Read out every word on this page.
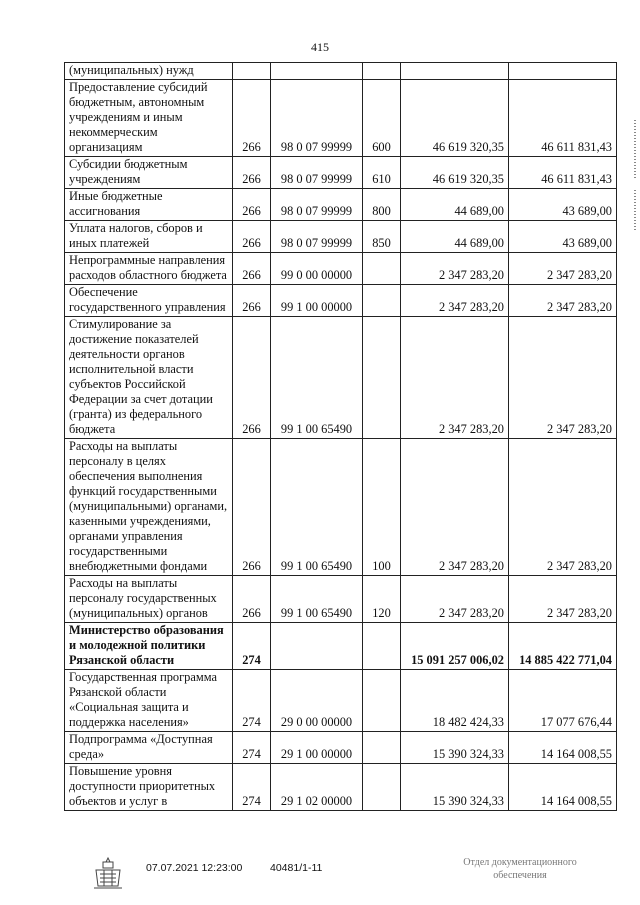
415
(муниципальных) нужд					
Предоставление субсидий бюджетным, автономным учреждениям и иным некоммерческим организациям	266	98 0 07 99999	600	46 619 320,35	46 611 831,43
Субсидии бюджетным учреждениям	266	98 0 07 99999	610	46 619 320,35	46 611 831,43
Иные бюджетные ассигнования	266	98 0 07 99999	800	44 689,00	43 689,00
Уплата налогов, сборов и иных платежей	266	98 0 07 99999	850	44 689,00	43 689,00
Непрограммные направления расходов областного бюджета	266	99 0 00 00000		2 347 283,20	2 347 283,20
Обеспечение государственного управления	266	99 1 00 00000		2 347 283,20	2 347 283,20
Стимулирование за достижение показателей деятельности органов исполнительной власти субъектов Российской Федерации за счет дотации (гранта) из федерального бюджета	266	99 1 00 65490		2 347 283,20	2 347 283,20
Расходы на выплаты персоналу в целях обеспечения выполнения функций государственными (муниципальными) органами, казенными учреждениями, органами управления государственными внебюджетными фондами	266	99 1 00 65490	100	2 347 283,20	2 347 283,20
Расходы на выплаты персоналу государственных (муниципальных) органов	266	99 1 00 65490	120	2 347 283,20	2 347 283,20
Министерство образования и молодежной политики Рязанской области	274			15 091 257 006,02	14 885 422 771,04
Государственная программа Рязанской области «Социальная защита и поддержка населения»	274	29 0 00 00000		18 482 424,33	17 077 676,44
Подпрограмма «Доступная среда»	274	29 1 00 00000		15 390 324,33	14 164 008,55
Повышение уровня доступности приоритетных объектов и услуг в	274	29 1 02 00000		15 390 324,33	14 164 008,55
07.07.2021 12:23:00	40481/1-11	Отдел документационного
обеспечения
